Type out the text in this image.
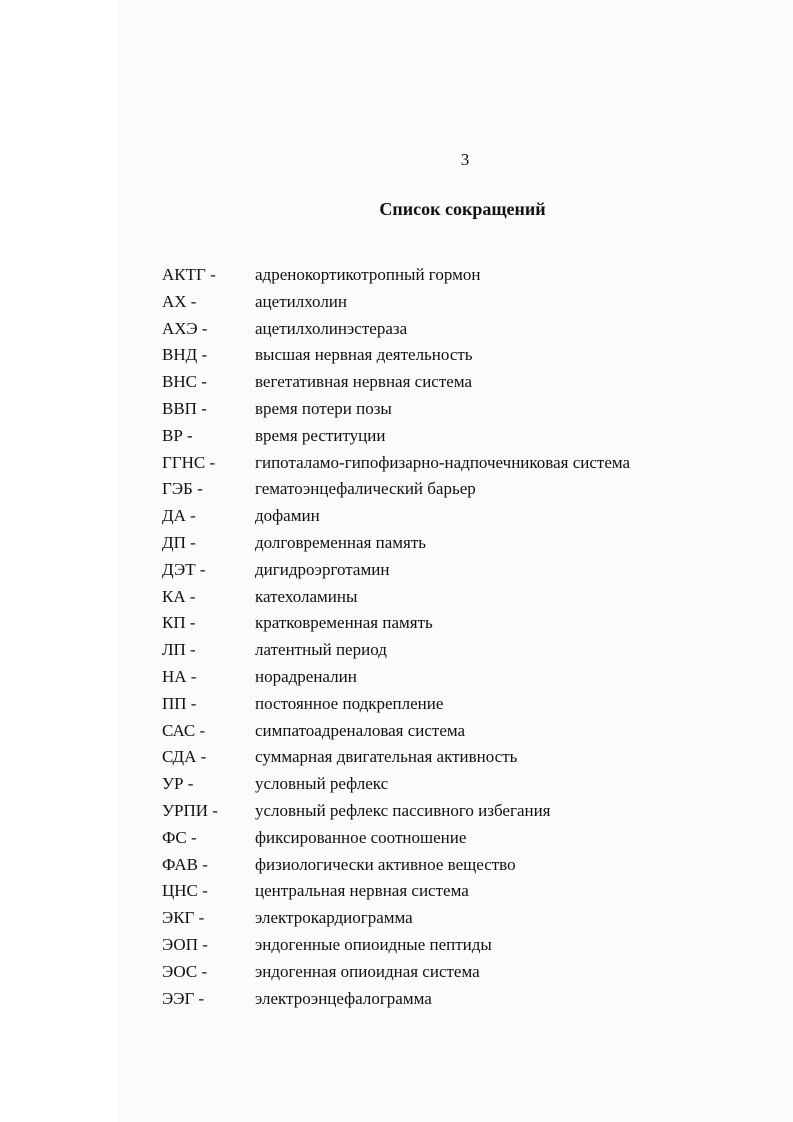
3
Список сокращений
АКТГ -	адренокортикотропный гормон
АХ -	ацетилхолин
АХЭ -	ацетилхолинэстераза
ВНД -	высшая нервная деятельность
ВНС -	вегетативная нервная система
ВВП -	время потери позы
ВР -	время реституции
ГГНС -	гипоталамо-гипофизарно-надпочечниковая система
ГЭБ -	гематоэнцефалический барьер
ДА -	дофамин
ДП -	долговременная память
ДЭТ -	дигидроэрготамин
КА -	катехоламины
КП -	кратковременная память
ЛП -	латентный период
НА -	норадреналин
ПП -	постоянное подкрепление
САС -	симпатоадреналовая система
СДА -	суммарная двигательная активность
УР -	условный рефлекс
УРПИ -	условный рефлекс пассивного избегания
ФС -	фиксированное соотношение
ФАВ -	физиологически активное вещество
ЦНС -	центральная нервная система
ЭКГ -	электрокардиограмма
ЭОП -	эндогенные опиоидные пептиды
ЭОС -	эндогенная опиоидная система
ЭЭГ -	электроэнцефалограмма
